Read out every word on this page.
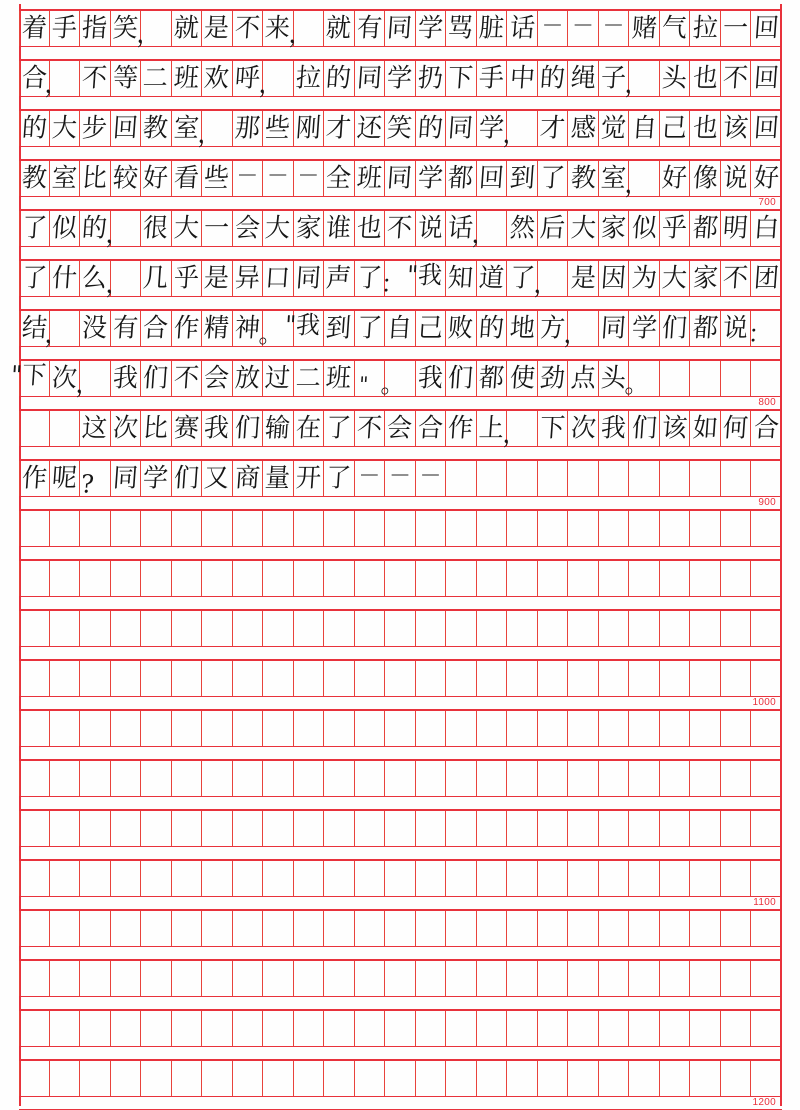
着 手 指 笑
， 就 是 不 来
， 就 有 同 学 骂 脏 话 － － － 赌 气 拉 一 回
合
， 不 等 二 班 欢 呼
， 拉 的 同 学 扔 下 手 中 的 绳 子
， 头 也 不 回
的 大 步 回 教 室
， 那 些 刚 才 还 笑 的 同 学
， 才 感 觉 自 己 也 该 回
教 室 比 较 好 看 些 － － － 全 班 同 学 都 回 到 了 教 室
， 好 像 说 好
700
了 似 的
， 很 大 一 会 大 家 谁 也 不 说 话
， 然 后 大 家 似 乎 都 明 白
了 什 么
， 几 乎 是 异 口 同 声 了
： "我 知 道 了
， 是 因 为 大 家 不 团
结
， 没 有 合 作 精 神
。 "我 到 了 自 己 败 的 地 方
， 同 学 们 都 说
：
"下 次
， 我 们 不 会 放 过 二 班 " 。 我 们 都 使 劲 点 头
。
800
这 次 比 赛 我 们 输 在 了 不 会 合 作 上
， 下 次 我 们 该 如 何 合
作 呢 ? 同 学 们 又 商 量 开 了 － － －
900
1000
1100
1200
